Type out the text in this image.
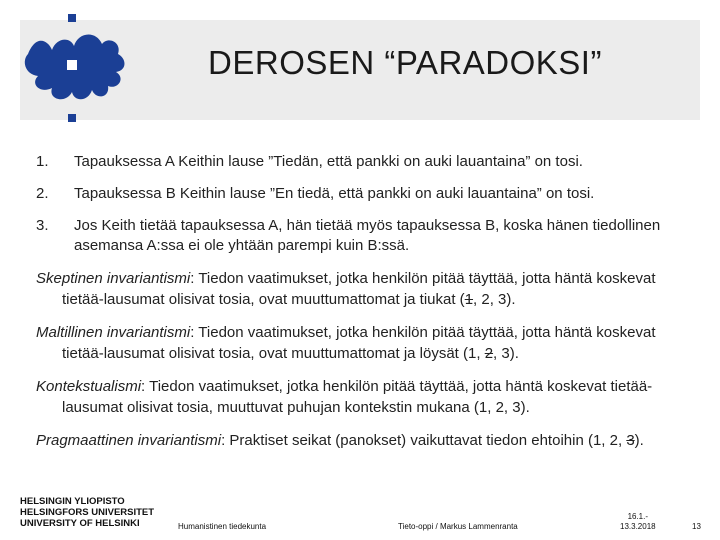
DEROSEN “PARADOKSI”
1. Tapauksessa A Keithin lause ”Tiedän, että pankki on auki lauantaina” on tosi.
2. Tapauksessa B Keithin lause ”En tiedä, että pankki on auki lauantaina” on tosi.
3. Jos Keith tietää tapauksessa A, hän tietää myös tapauksessa B, koska hänen tiedollinen asemansa A:ssa ei ole yhtään parempi kuin B:ssä.
Skeptinen invariantismi: Tiedon vaatimukset, jotka henkilön pitää täyttää, jotta häntä koskevat tietää-lausumat olisivat tosia, ovat muuttumattomat ja tiukat (1, 2, 3).
Maltillinen invariantismi: Tiedon vaatimukset, jotka henkilön pitää täyttää, jotta häntä koskevat tietää-lausumat olisivat tosia, ovat muuttumattomat ja löysät (1, 2, 3).
Kontekstualismi: Tiedon vaatimukset, jotka henkilön pitää täyttää, jotta häntä koskevat tietää-lausumat olisivat tosia, muuttuvat puhujan kontekstin mukana (1, 2, 3).
Pragmaattinen invariantismi: Praktiset seikat (panokset) vaikuttavat tiedon ehtoihin (1, 2, 3).
HELSINGIN YLIOPISTO
HELSINGFORS UNIVERSITET
UNIVERSITY OF HELSINKI	Humanistinen tiedekunta	Tieto-oppi / Markus Lammenranta
16.1.-
13.3.2018	13
